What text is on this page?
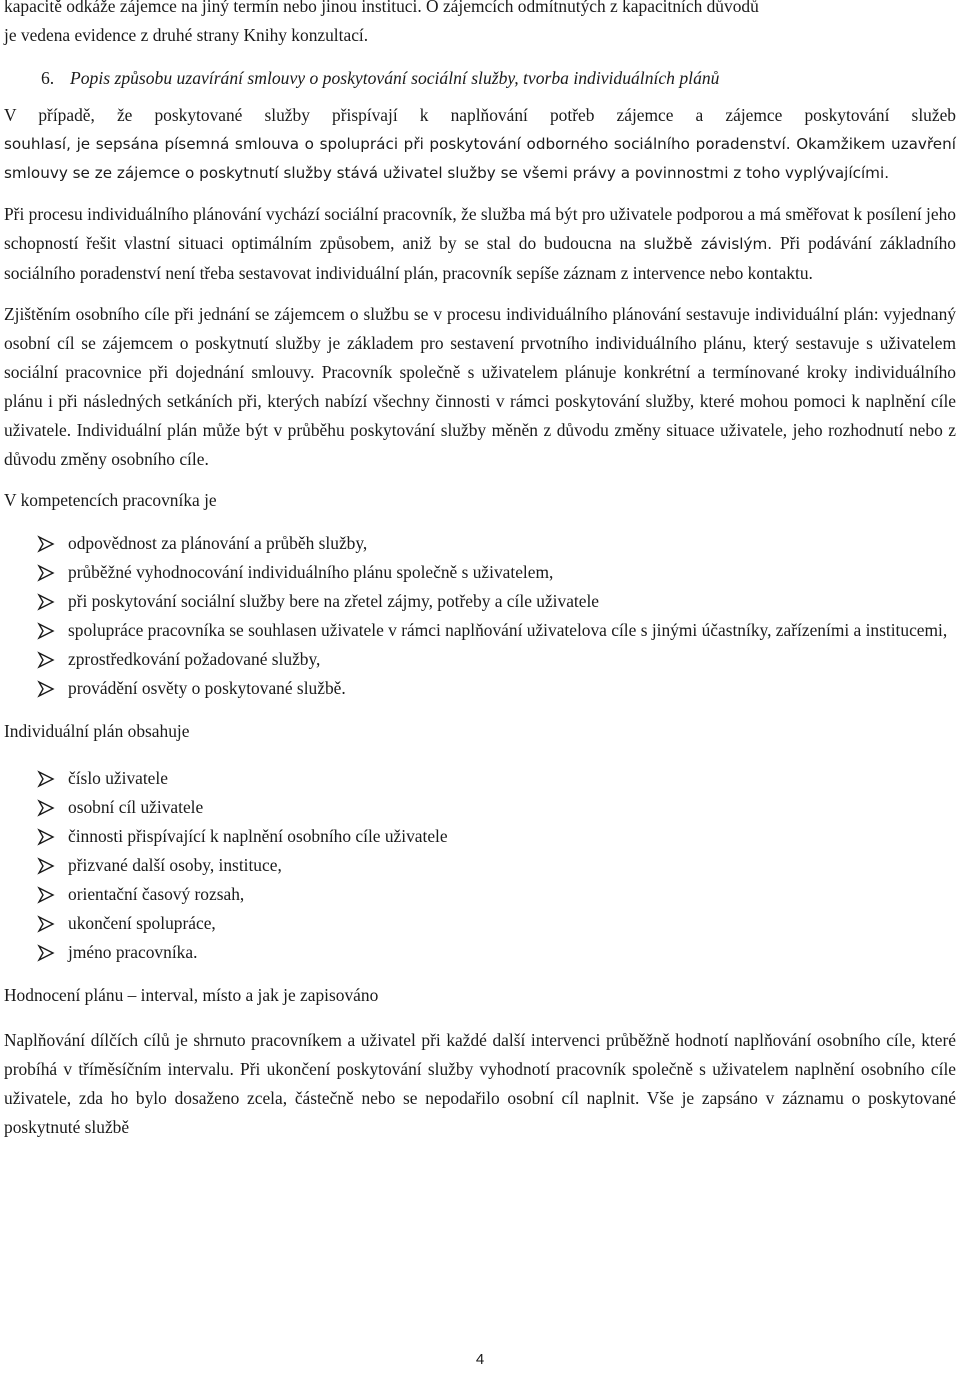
kapacitě odkáže zájemce na jiný termín nebo jinou instituci. O zájemcích odmítnutých z kapacitních důvodů
je vedena evidence z druhé strany Knihy konzultací.

6. Popis způsobu uzavírání smlouvy o poskytování sociální služby, tvorba individuálních plánů

V případě, že poskytované služby přispívají k naplňování potřeb zájemce a zájemce poskytování služeb
souhlasí, je sepsána písemná smlouva o spolupráci při poskytování odborného sociálního poradenství. Okamžikem uzavření smlouvy se ze zájemce o poskytnutí služby stává uživatel služby se všemi právy a povinnostmi z toho vyplývajícími.

Při procesu individuálního plánování vychází sociální pracovník, že služba má být pro uživatele podporou a má směřovat k posílení jeho schopností řešit vlastní situaci optimálním způsobem, aniž by se stal do budoucna na službě závislým. Při podávání základního sociálního poradenství není třeba sestavovat individuální plán, pracovník sepíše záznam z intervence nebo kontaktu.

Zjištěním osobního cíle při jednání se zájemcem o službu se v procesu individuálního plánování sestavuje individuální plán: vyjednaný osobní cíl se zájemcem o poskytnutí služby je základem pro sestavení prvotního individuálního plánu, který sestavuje s uživatelem sociální pracovnice při dojednání smlouvy. Pracovník společně s uživatelem plánuje konkrétní a termínované kroky individuálního plánu i při následných setkáních při, kterých nabízí všechny činnosti v rámci poskytování služby, které mohou pomoci k naplnění cíle uživatele. Individuální plán může být v průběhu poskytování služby měněn z důvodu změny situace uživatele, jeho rozhodnutí nebo z důvodu změny osobního cíle.

V kompetencích pracovníka je

odpovědnost za plánování a průběh služby,
průběžné vyhodnocování individuálního plánu společně s uživatelem,
při poskytování sociální služby bere na zřetel zájmy, potřeby a cíle uživatele
spolupráce pracovníka se souhlasen uživatele v rámci naplňování uživatelova cíle s jinými účastníky, zařízeními a institucemi,
zprostředkování požadované služby,
provádění osvěty o poskytované službě.

Individuální plán obsahuje

číslo uživatele
osobní cíl uživatele
činnosti přispívající k naplnění osobního cíle uživatele
přizvané další osoby, instituce,
orientační časový rozsah,
ukončení spolupráce,
jméno pracovníka.

Hodnocení plánu – interval, místo a jak je zapisováno

Naplňování dílčích cílů je shrnuto pracovníkem a uživatel při každé další intervenci průběžně hodnotí naplňování osobního cíle, které probíhá v tříměsíčním intervalu. Při ukončení poskytování služby vyhodnotí pracovník společně s uživatelem naplnění osobního cíle uživatele, zda ho bylo dosaženo zcela, částečně nebo se nepodařilo osobní cíl naplnit. Vše je zapsáno v záznamu o poskytované poskytnuté službě

4
